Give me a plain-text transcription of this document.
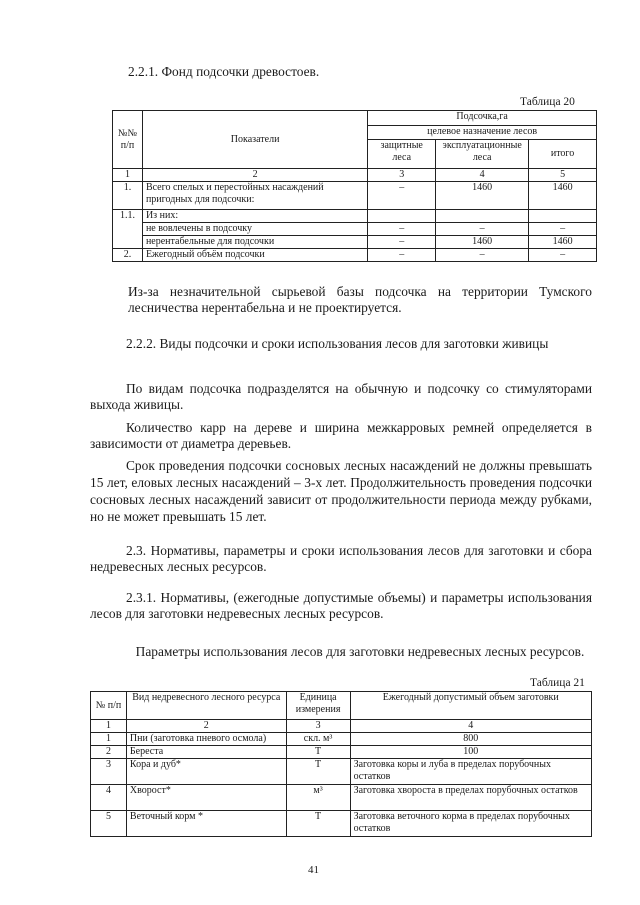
2.2.1. Фонд подсочки древостоев.
Таблица 20
№№ п/п	Показатели	Подсочка,га		
		целевое назначение лесов		
		защитные леса	эксплуатационные леса	итого
1	2	3	4	5
1.	Всего спелых и перестойных насаждений пригодных для подсочки:	–	1460	1460
1.1.	Из них:			
	не вовлечены в подсочку	–	–	–
	нерентабельные для подсочки	–	1460	1460
2.	Ежегодный объём подсочки	–	–	–
Из-за незначительной сырьевой базы подсочка на территории Тумского лесничества нерентабельна и не проектируется.
2.2.2. Виды подсочки и сроки использования лесов для заготовки живицы
По видам подсочка подразделятся на обычную и подсочку со стимуляторами выхода живицы.
Количество карр на дереве и ширина межкарровых ремней определяется в зависимости от диаметра деревьев.
Срок проведения подсочки сосновых лесных насаждений не должны превышать 15 лет, еловых лесных насаждений – 3-х лет. Продолжительность проведения подсочки сосновых лесных насаждений зависит от продолжительности периода между рубками, но не может превышать 15 лет.
2.3. Нормативы, параметры и сроки использования лесов для заготовки и сбора недревесных лесных ресурсов.
2.3.1. Нормативы, (ежегодные допустимые объемы) и параметры использования лесов для заготовки недревесных лесных ресурсов.
Параметры использования лесов для заготовки недревесных лесных ресурсов.
Таблица 21
№ п/п	Вид недревесного лесного ресурса	Единица измерения	Ежегодный допустимый объем заготовки
1	2	3	4
1	Пни (заготовка пневого осмола)	скл. м³	800
2	Береста	Т	100
3	Кора и дуб*	Т	Заготовка коры и луба в пределах порубочных остатков
4	Хворост*	м³	Заготовка хвороста в пределах порубочных остатков
5	Веточный корм *	Т	Заготовка веточного корма в пределах порубочных остатков
41
